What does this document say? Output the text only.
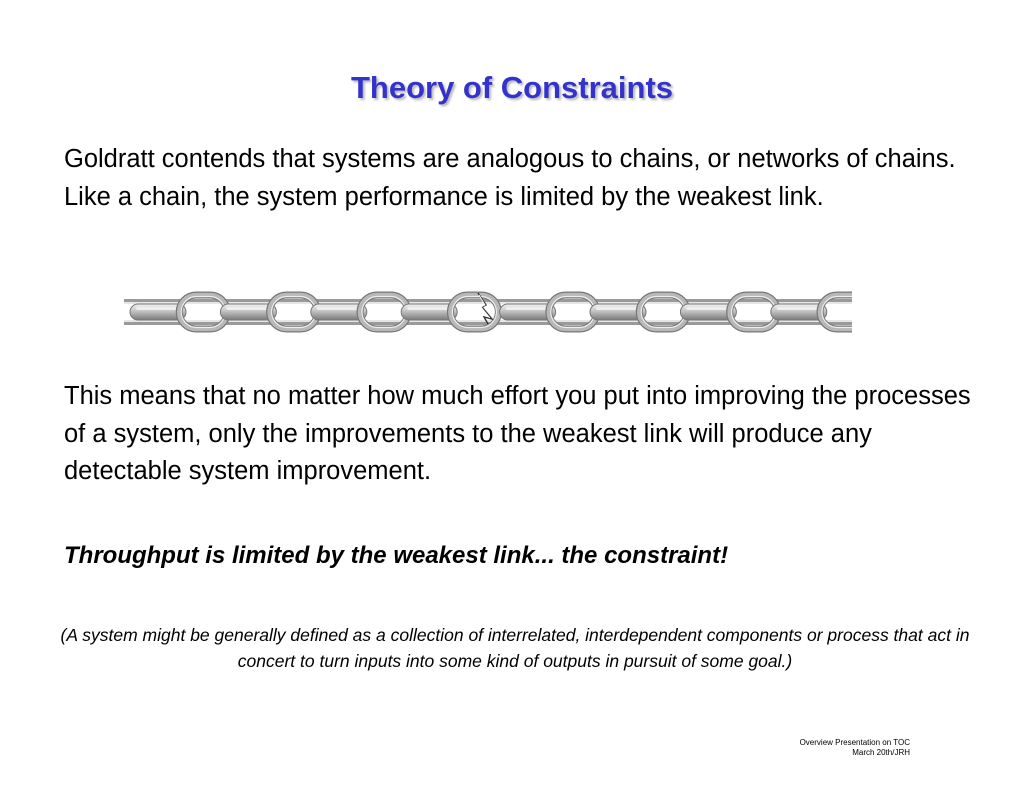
Theory of Constraints
Goldratt contends that systems are analogous to chains, or networks of chains. Like a chain, the system performance is limited by the weakest link.
This means that no matter how much effort you put into improving the processes of a system, only the improvements to the weakest link will produce any detectable system improvement.
Throughput is limited by the weakest link... the constraint!
(A system might be generally defined as a collection of interrelated, interdependent components or process that act in concert to turn inputs into some kind of outputs in pursuit of some goal.)
Overview Presentation on TOC
March 20th/JRH
